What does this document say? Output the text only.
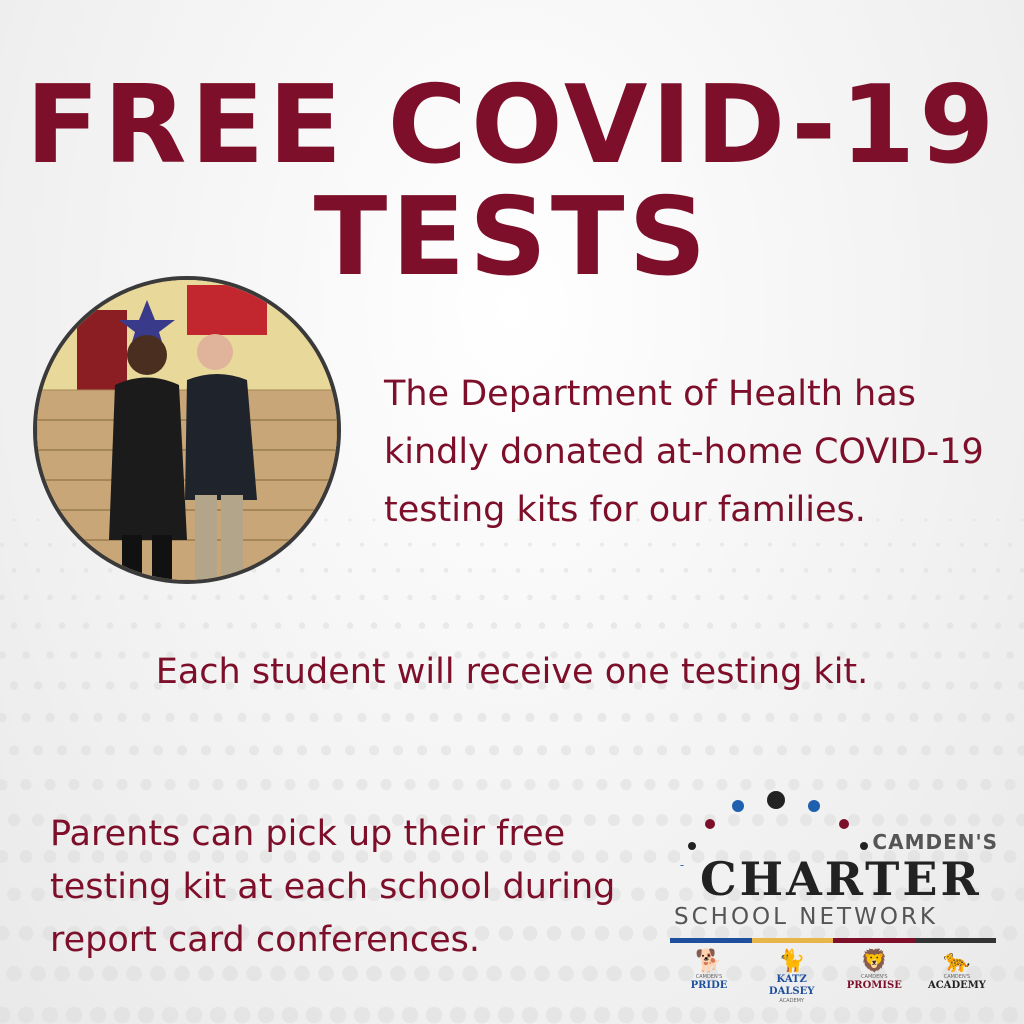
FREE COVID-19
TESTS

The Department of Health has kindly donated at-home COVID-19 testing kits for our families.

Each student will receive one testing kit.

Parents can pick up their free testing kit at each school during report card conferences.

CAMDEN'S
CHARTER
SCHOOL NETWORK
🐕
CAMDEN'S
PRIDE
🐈
KATZ DALSEY
ACADEMY
🦁
CAMDEN'S
PROMISE
🐆
CAMDEN'S
ACADEMY
